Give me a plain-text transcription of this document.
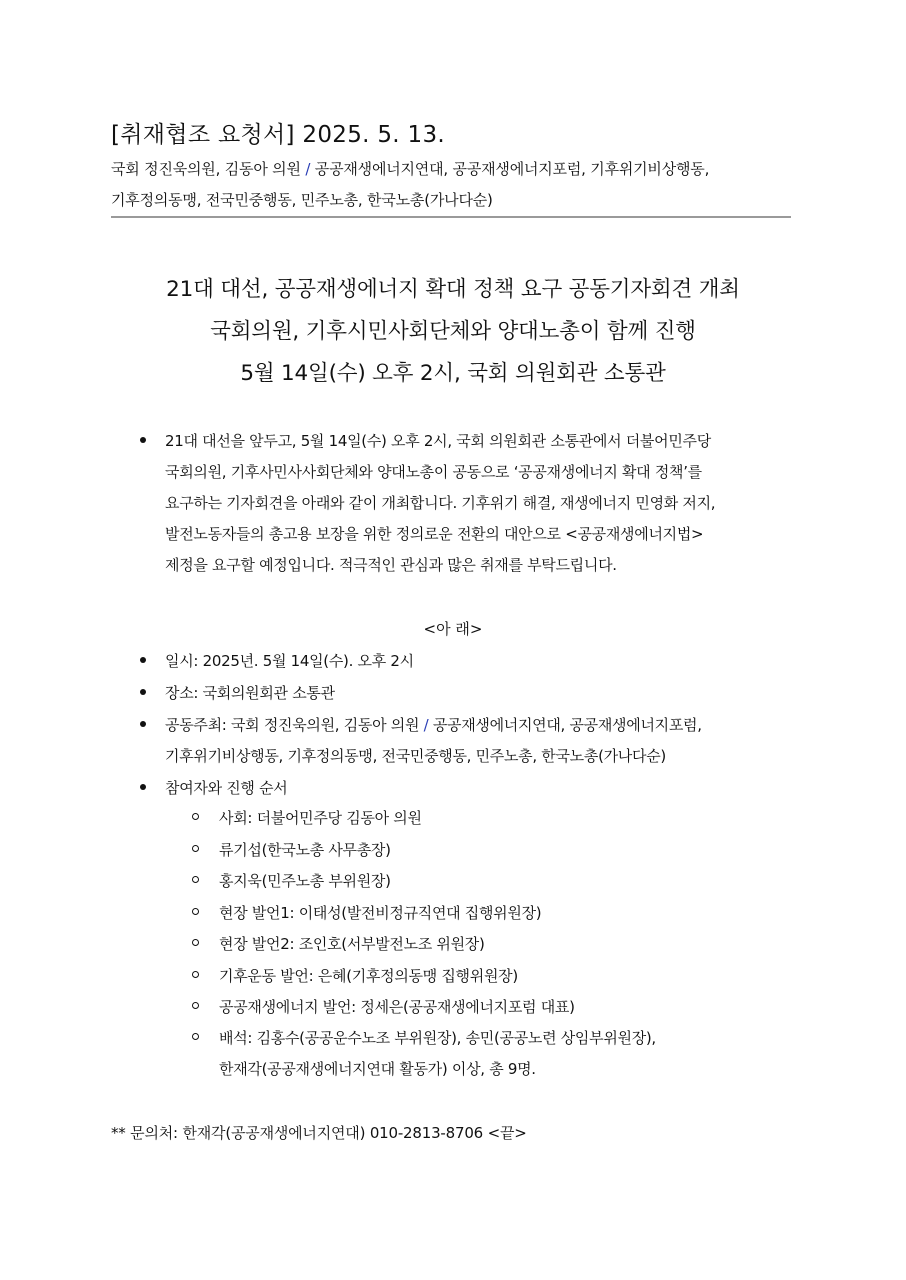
[취재협조 요청서] 2025. 5. 13.
국회 정진욱의원, 김동아 의원 / 공공재생에너지연대, 공공재생에너지포럼, 기후위기비상행동,
기후정의동맹, 전국민중행동, 민주노총, 한국노총(가나다순)
21대 대선, 공공재생에너지 확대 정책 요구 공동기자회견 개최
국회의원, 기후시민사회단체와 양대노총이 함께 진행
5월 14일(수) 오후 2시, 국회 의원회관 소통관
21대 대선을 앞두고, 5월 14일(수) 오후 2시, 국회 의원회관 소통관에서 더불어민주당
국회의원, 기후사민사사회단체와 양대노총이 공동으로 ‘공공재생에너지 확대 정책’를
요구하는 기자회견을 아래와 같이 개최합니다. 기후위기 해결, 재생에너지 민영화 저지,
발전노동자들의 총고용 보장을 위한 정의로운 전환의 대안으로 <공공재생에너지법>
제정을 요구할 예정입니다. 적극적인 관심과 많은 취재를 부탁드립니다.
<아 래>
일시: 2025년. 5월 14일(수). 오후 2시
장소: 국회의원회관 소통관
공동주최: 국회 정진욱의원, 김동아 의원 / 공공재생에너지연대, 공공재생에너지포럼,
기후위기비상행동, 기후정의동맹, 전국민중행동, 민주노총, 한국노총(가나다순)
참여자와 진행 순서
사회: 더불어민주당 김동아 의원
류기섭(한국노총 사무총장)
홍지욱(민주노총 부위원장)
현장 발언1: 이태성(발전비정규직연대 집행위원장)
현장 발언2: 조인호(서부발전노조 위원장)
기후운동 발언: 은혜(기후정의동맹 집행위원장)
공공재생에너지 발언: 정세은(공공재생에너지포럼 대표)
배석: 김홍수(공공운수노조 부위원장), 송민(공공노련 상임부위원장),
한재각(공공재생에너지연대 활동가) 이상, 총 9명.
** 문의처: 한재각(공공재생에너지연대) 010-2813-8706 <끝>
